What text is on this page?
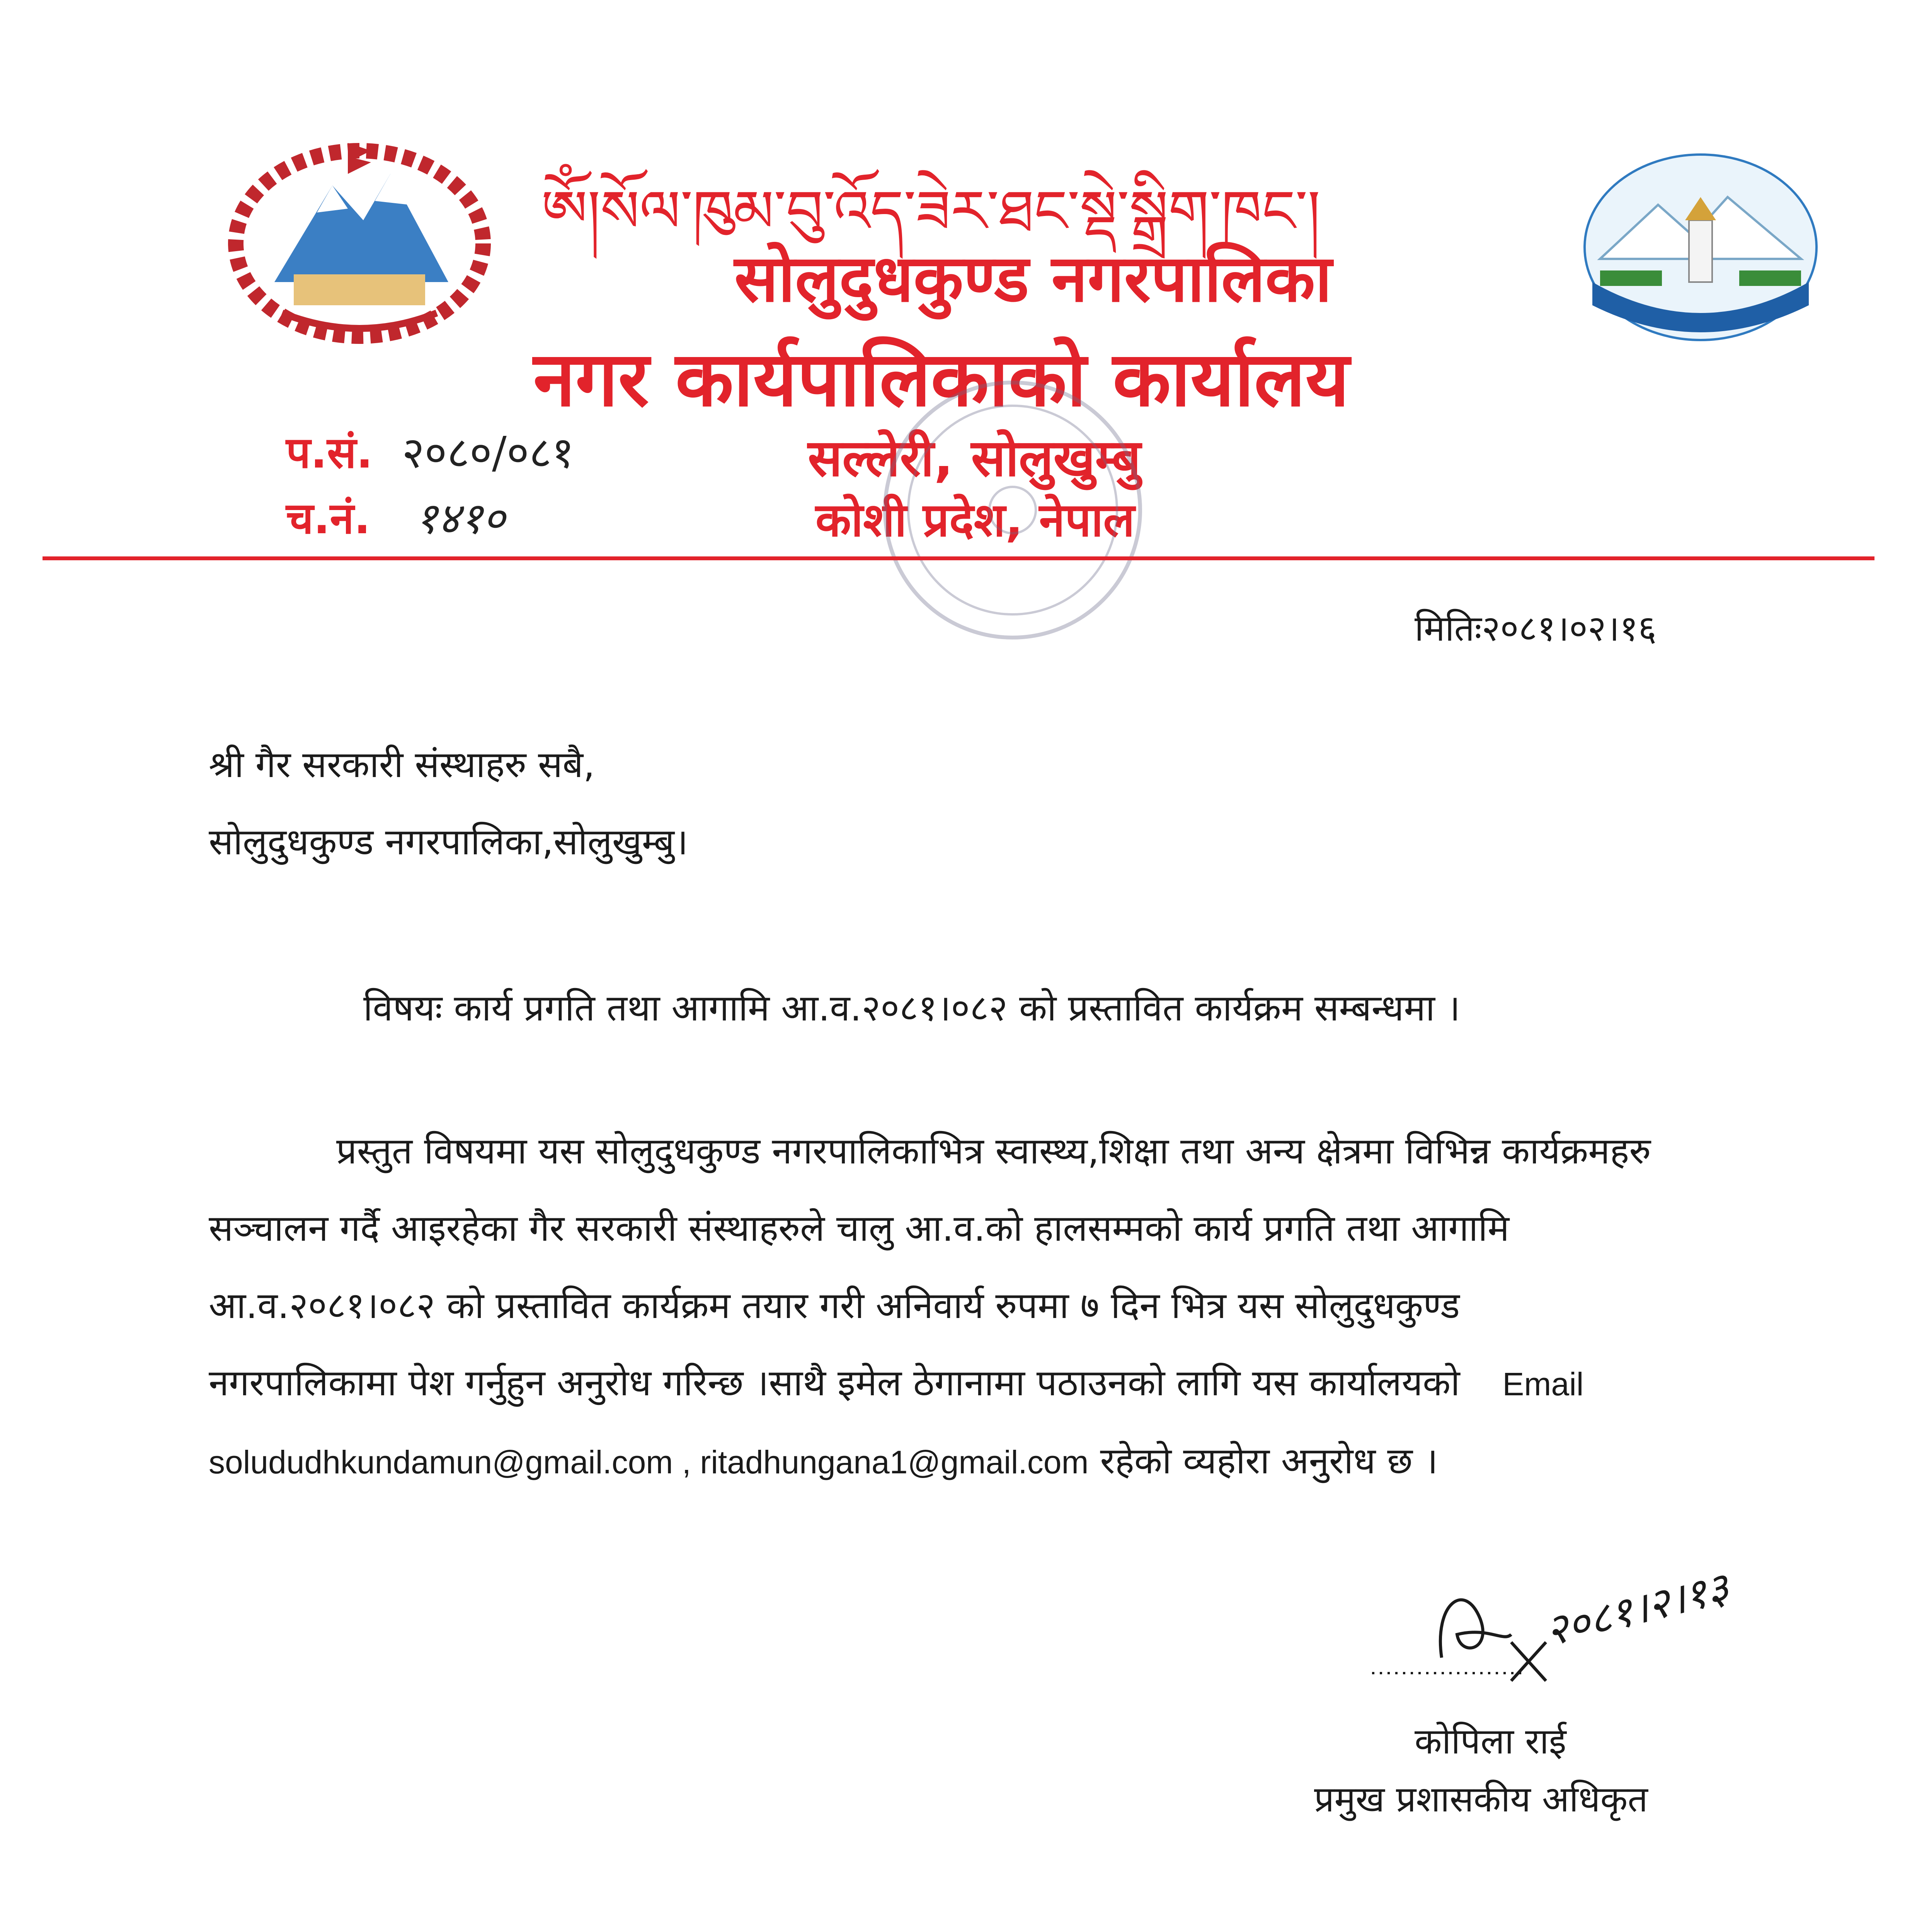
ༀ།སོལ་ཁུམ་བུ་འོད་ཟེར་ཐང་སྡེ་སྒྲིག་ཁང་།
सोलुदुधकुण्ड नगरपालिका
नगर कार्यपालिकाको कार्यालय
सल्लेरी, सोलुखुम्बु
कोशी प्रदेश, नेपाल
प.सं. २०८०/०८१
च.नं. १४१०
मितिः२०८१।०२।१६
श्री गैर सरकारी संस्थाहरु सबै,
सोलुदुधकुण्ड नगरपालिका,सोलुखुम्बु।
विषयः कार्य प्रगति तथा आगामि आ.व.२०८१।०८२ को प्रस्तावित कार्यक्रम सम्बन्धमा ।
प्रस्तुत विषयमा यस सोलुदुधकुण्ड नगरपालिकाभित्र स्वास्थ्य,शिक्षा तथा अन्य क्षेत्रमा विभिन्न कार्यक्रमहरु
सञ्चालन गर्दै आइरहेका गैर सरकारी संस्थाहरुले चालु आ.व.को हालसम्मको कार्य प्रगति तथा आगामि
आ.व.२०८१।०८२ को प्रस्तावित कार्यक्रम तयार गरी अनिवार्य रुपमा ७ दिन भित्र यस सोलुदुधकुण्ड
नगरपालिकामा पेश गर्नुहुन अनुरोध गरिन्छ ।साथै इमेल ठेगानामा पठाउनको लागि यस कार्यालयको Email
solududhkundamun@gmail.com , ritadhungana1@gmail.com रहेको व्यहोरा अनुरोध छ ।
२०८१।२।१३
कोपिला राई
प्रमुख प्रशासकीय अधिकृत
